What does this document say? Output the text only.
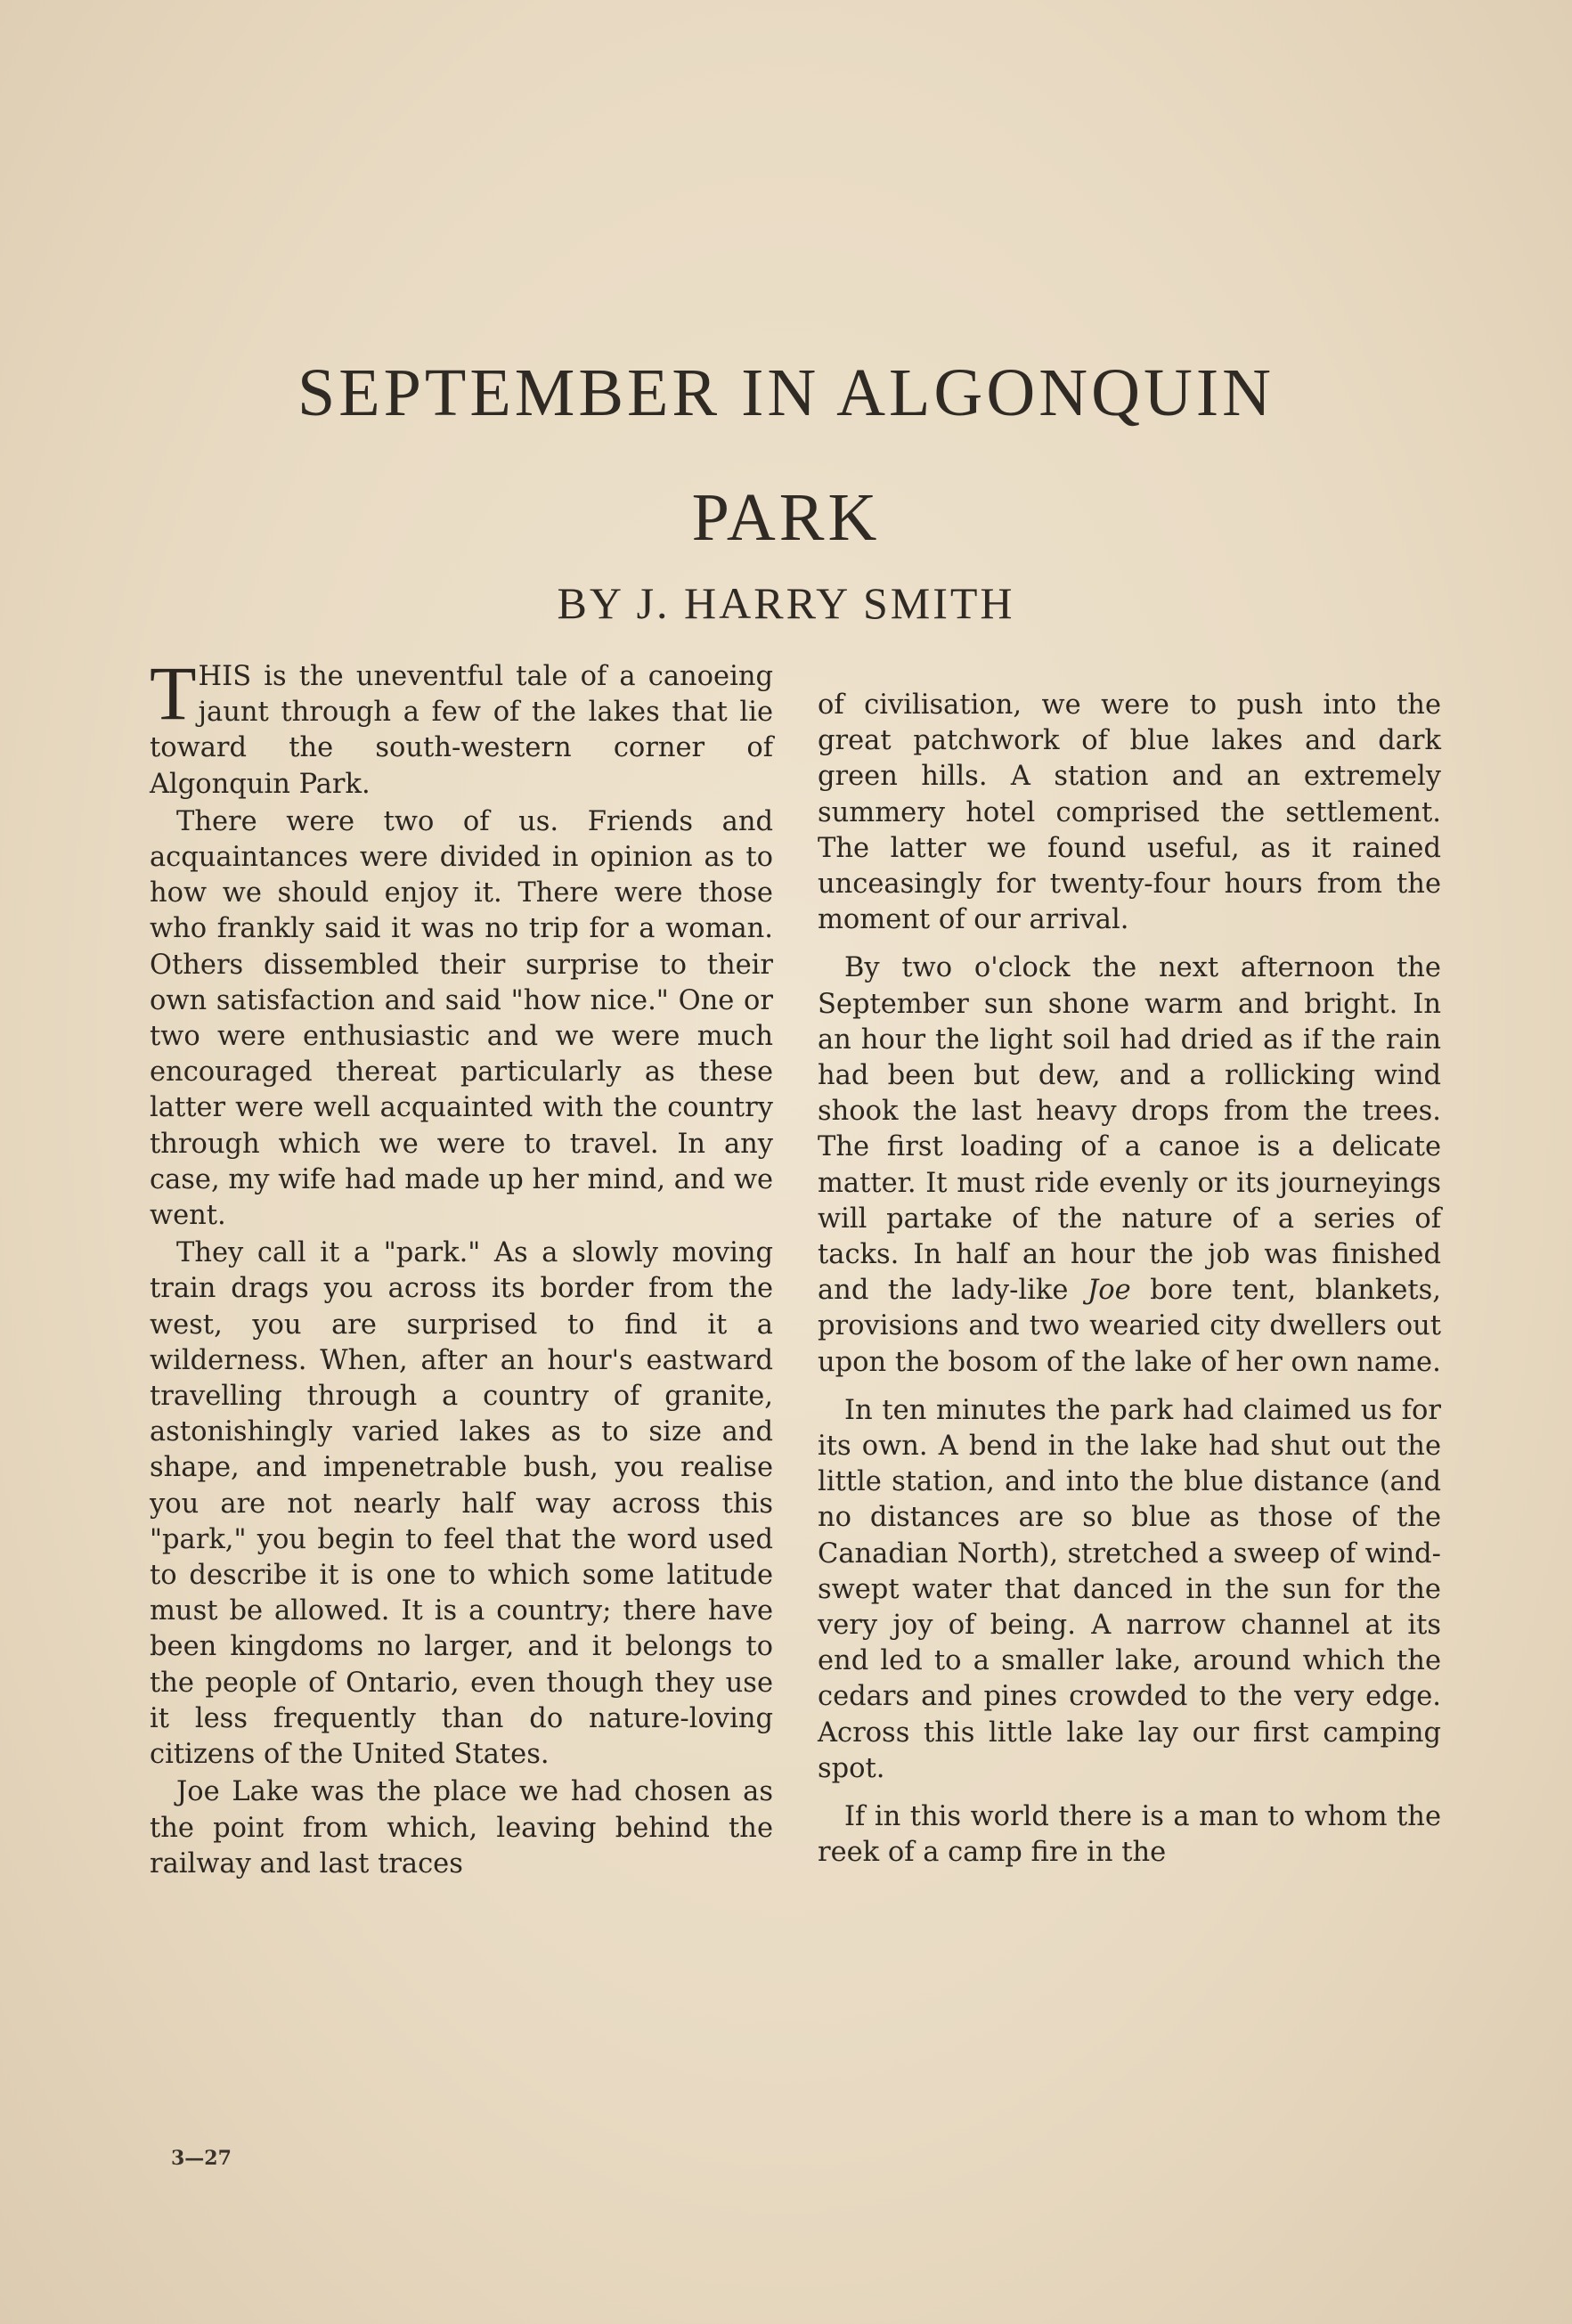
SEPTEMBER IN ALGONQUIN
PARK
BY J. HARRY SMITH

THIS is the uneventful tale of a canoeing jaunt through a few of the lakes that lie toward the south-western corner of Algonquin Park.

There were two of us. Friends and acquaintances were divided in opinion as to how we should enjoy it. There were those who frankly said it was no trip for a woman. Others dissembled their surprise to their own satisfaction and said "how nice." One or two were enthusiastic and we were much encouraged thereat particularly as these latter were well acquainted with the country through which we were to travel. In any case, my wife had made up her mind, and we went.

They call it a "park." As a slowly moving train drags you across its border from the west, you are surprised to find it a wilderness. When, after an hour's eastward travelling through a country of granite, astonishingly varied lakes as to size and shape, and impenetrable bush, you realise you are not nearly half way across this "park," you begin to feel that the word used to describe it is one to which some latitude must be allowed. It is a country; there have been kingdoms no larger, and it belongs to the people of Ontario, even though they use it less frequently than do nature-loving citizens of the United States.

Joe Lake was the place we had chosen as the point from which, leaving behind the railway and last traces

of civilisation, we were to push into the great patchwork of blue lakes and dark green hills. A station and an extremely summery hotel comprised the settlement. The latter we found useful, as it rained unceasingly for twenty-four hours from the moment of our arrival.

By two o'clock the next afternoon the September sun shone warm and bright. In an hour the light soil had dried as if the rain had been but dew, and a rollicking wind shook the last heavy drops from the trees. The first loading of a canoe is a delicate matter. It must ride evenly or its journeyings will partake of the nature of a series of tacks. In half an hour the job was finished and the lady-like Joe bore tent, blankets, provisions and two wearied city dwellers out upon the bosom of the lake of her own name.

In ten minutes the park had claimed us for its own. A bend in the lake had shut out the little station, and into the blue distance (and no distances are so blue as those of the Canadian North), stretched a sweep of wind-swept water that danced in the sun for the very joy of being. A narrow channel at its end led to a smaller lake, around which the cedars and pines crowded to the very edge. Across this little lake lay our first camping spot.

If in this world there is a man to whom the reek of a camp fire in the

3—27
